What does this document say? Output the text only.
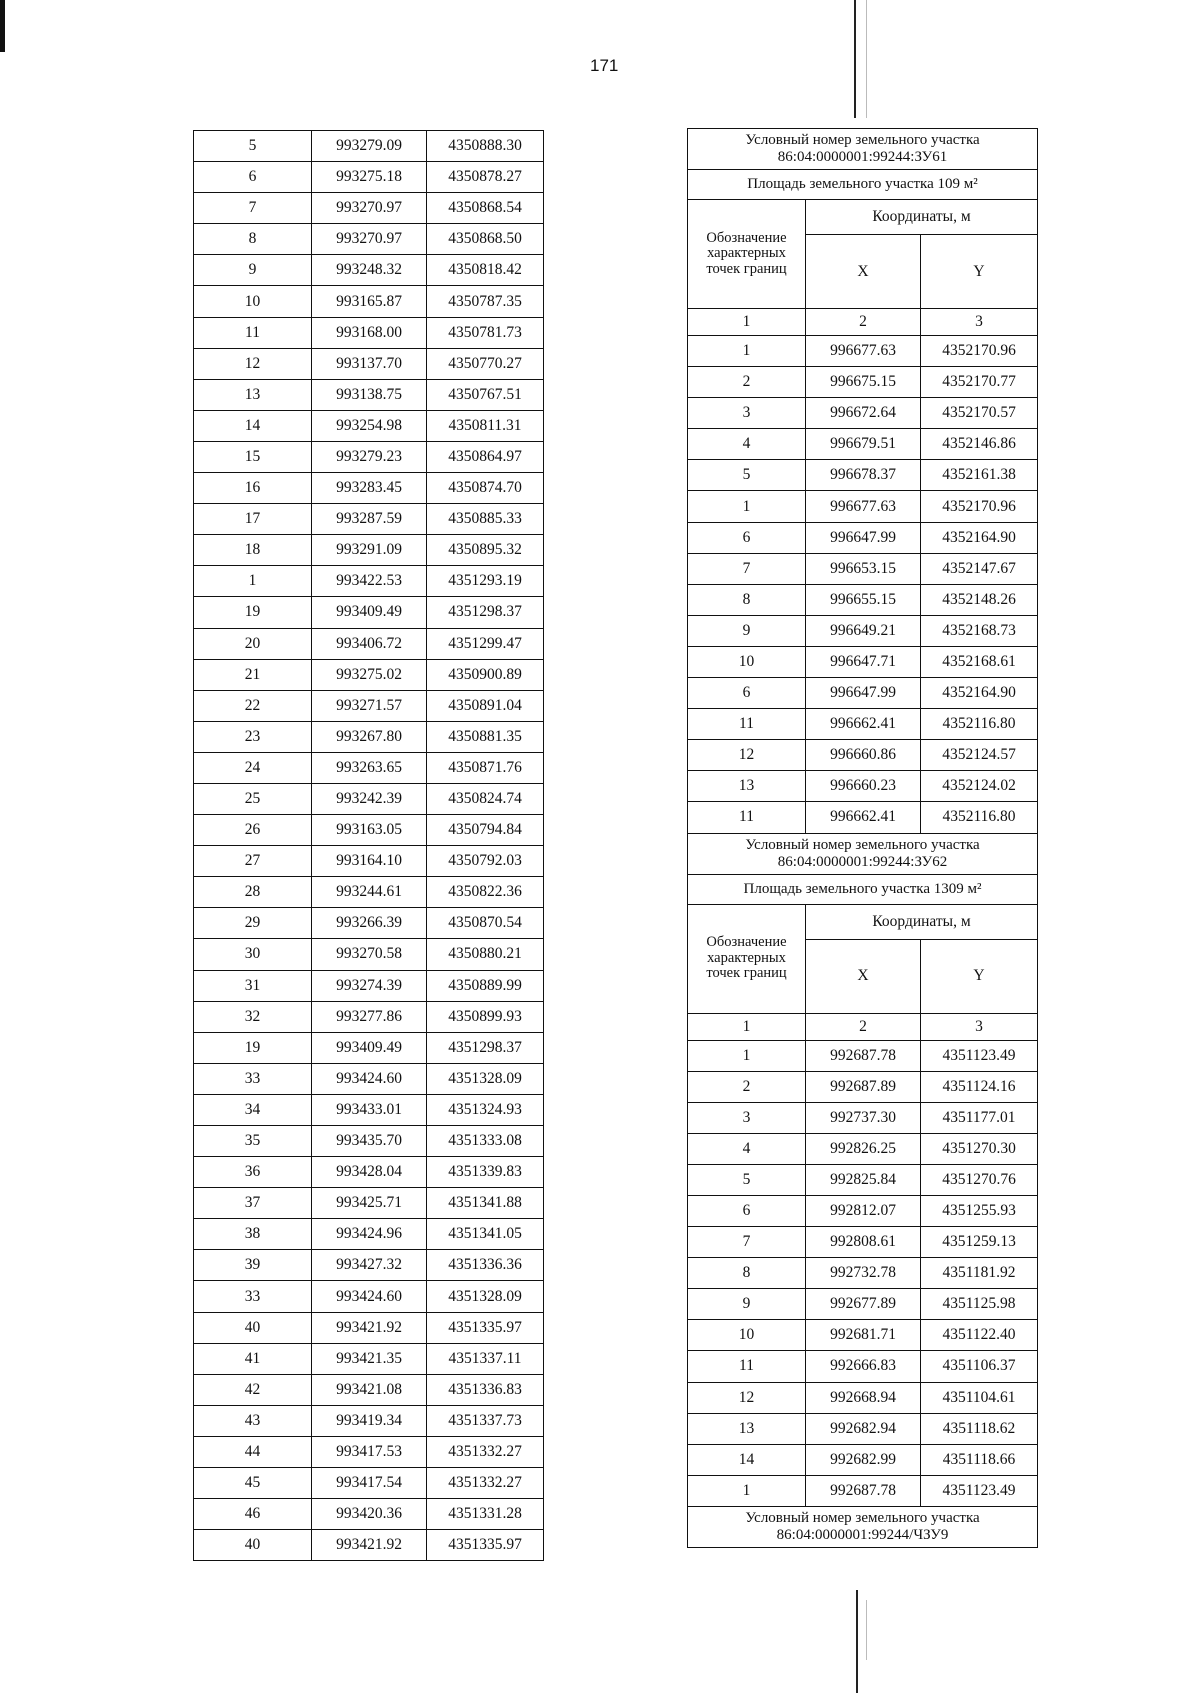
171
5	993279.09	4350888.30
6	993275.18	4350878.27
7	993270.97	4350868.54
8	993270.97	4350868.50
9	993248.32	4350818.42
10	993165.87	4350787.35
11	993168.00	4350781.73
12	993137.70	4350770.27
13	993138.75	4350767.51
14	993254.98	4350811.31
15	993279.23	4350864.97
16	993283.45	4350874.70
17	993287.59	4350885.33
18	993291.09	4350895.32
1	993422.53	4351293.19
19	993409.49	4351298.37
20	993406.72	4351299.47
21	993275.02	4350900.89
22	993271.57	4350891.04
23	993267.80	4350881.35
24	993263.65	4350871.76
25	993242.39	4350824.74
26	993163.05	4350794.84
27	993164.10	4350792.03
28	993244.61	4350822.36
29	993266.39	4350870.54
30	993270.58	4350880.21
31	993274.39	4350889.99
32	993277.86	4350899.93
19	993409.49	4351298.37
33	993424.60	4351328.09
34	993433.01	4351324.93
35	993435.70	4351333.08
36	993428.04	4351339.83
37	993425.71	4351341.88
38	993424.96	4351341.05
39	993427.32	4351336.36
33	993424.60	4351328.09
40	993421.92	4351335.97
41	993421.35	4351337.11
42	993421.08	4351336.83
43	993419.34	4351337.73
44	993417.53	4351332.27
45	993417.54	4351332.27
46	993420.36	4351331.28
40	993421.92	4351335.97
Условный номер земельного участка
86:04:0000001:99244:ЗУ61		

Площадь земельного участка 109 м²		
Обозначение характерных точек границ	Координаты, м	
	X	Y
1	2	3
1	996677.63	4352170.96
2	996675.15	4352170.77
3	996672.64	4352170.57
4	996679.51	4352146.86
5	996678.37	4352161.38
1	996677.63	4352170.96
6	996647.99	4352164.90
7	996653.15	4352147.67
8	996655.15	4352148.26
9	996649.21	4352168.73
10	996647.71	4352168.61
6	996647.99	4352164.90
11	996662.41	4352116.80
12	996660.86	4352124.57
13	996660.23	4352124.02
11	996662.41	4352116.80

Условный номер земельного участка
86:04:0000001:99244:ЗУ62		

Площадь земельного участка 1309 м²		
Обозначение характерных точек границ	Координаты, м	
	X	Y
1	2	3
1	992687.78	4351123.49
2	992687.89	4351124.16
3	992737.30	4351177.01
4	992826.25	4351270.30
5	992825.84	4351270.76
6	992812.07	4351255.93
7	992808.61	4351259.13
8	992732.78	4351181.92
9	992677.89	4351125.98
10	992681.71	4351122.40
11	992666.83	4351106.37
12	992668.94	4351104.61
13	992682.94	4351118.62
14	992682.99	4351118.66
1	992687.78	4351123.49

Условный номер земельного участка
86:04:0000001:99244/ЧЗУ9		
